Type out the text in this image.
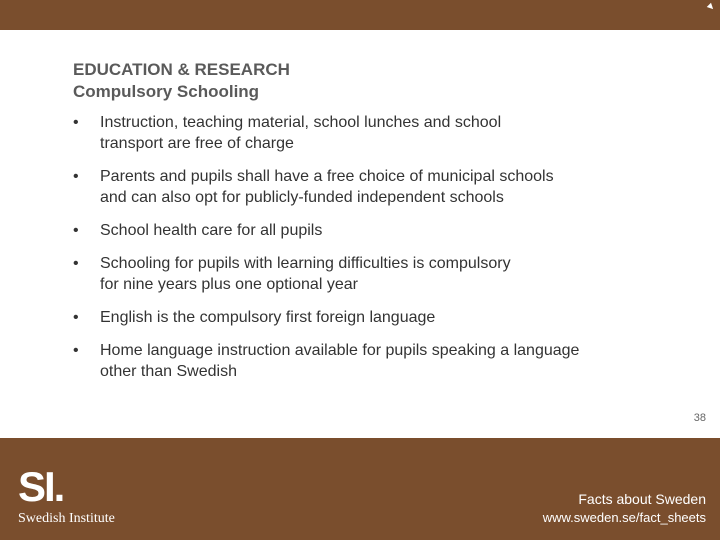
EDUCATION & RESEARCH
Compulsory Schooling
• Instruction, teaching material, school lunches and school
transport are free of charge
• Parents and pupils shall have a free choice of municipal schools
and can also opt for publicly-funded independent schools
• School health care for all pupils
• Schooling for pupils with learning difficulties is compulsory
for nine years plus one optional year
• English is the compulsory first foreign language
• Home language instruction available for pupils speaking a language
other than Swedish
38
SI.
Swedish Institute
Facts about Sweden
www.sweden.se/fact_sheets
